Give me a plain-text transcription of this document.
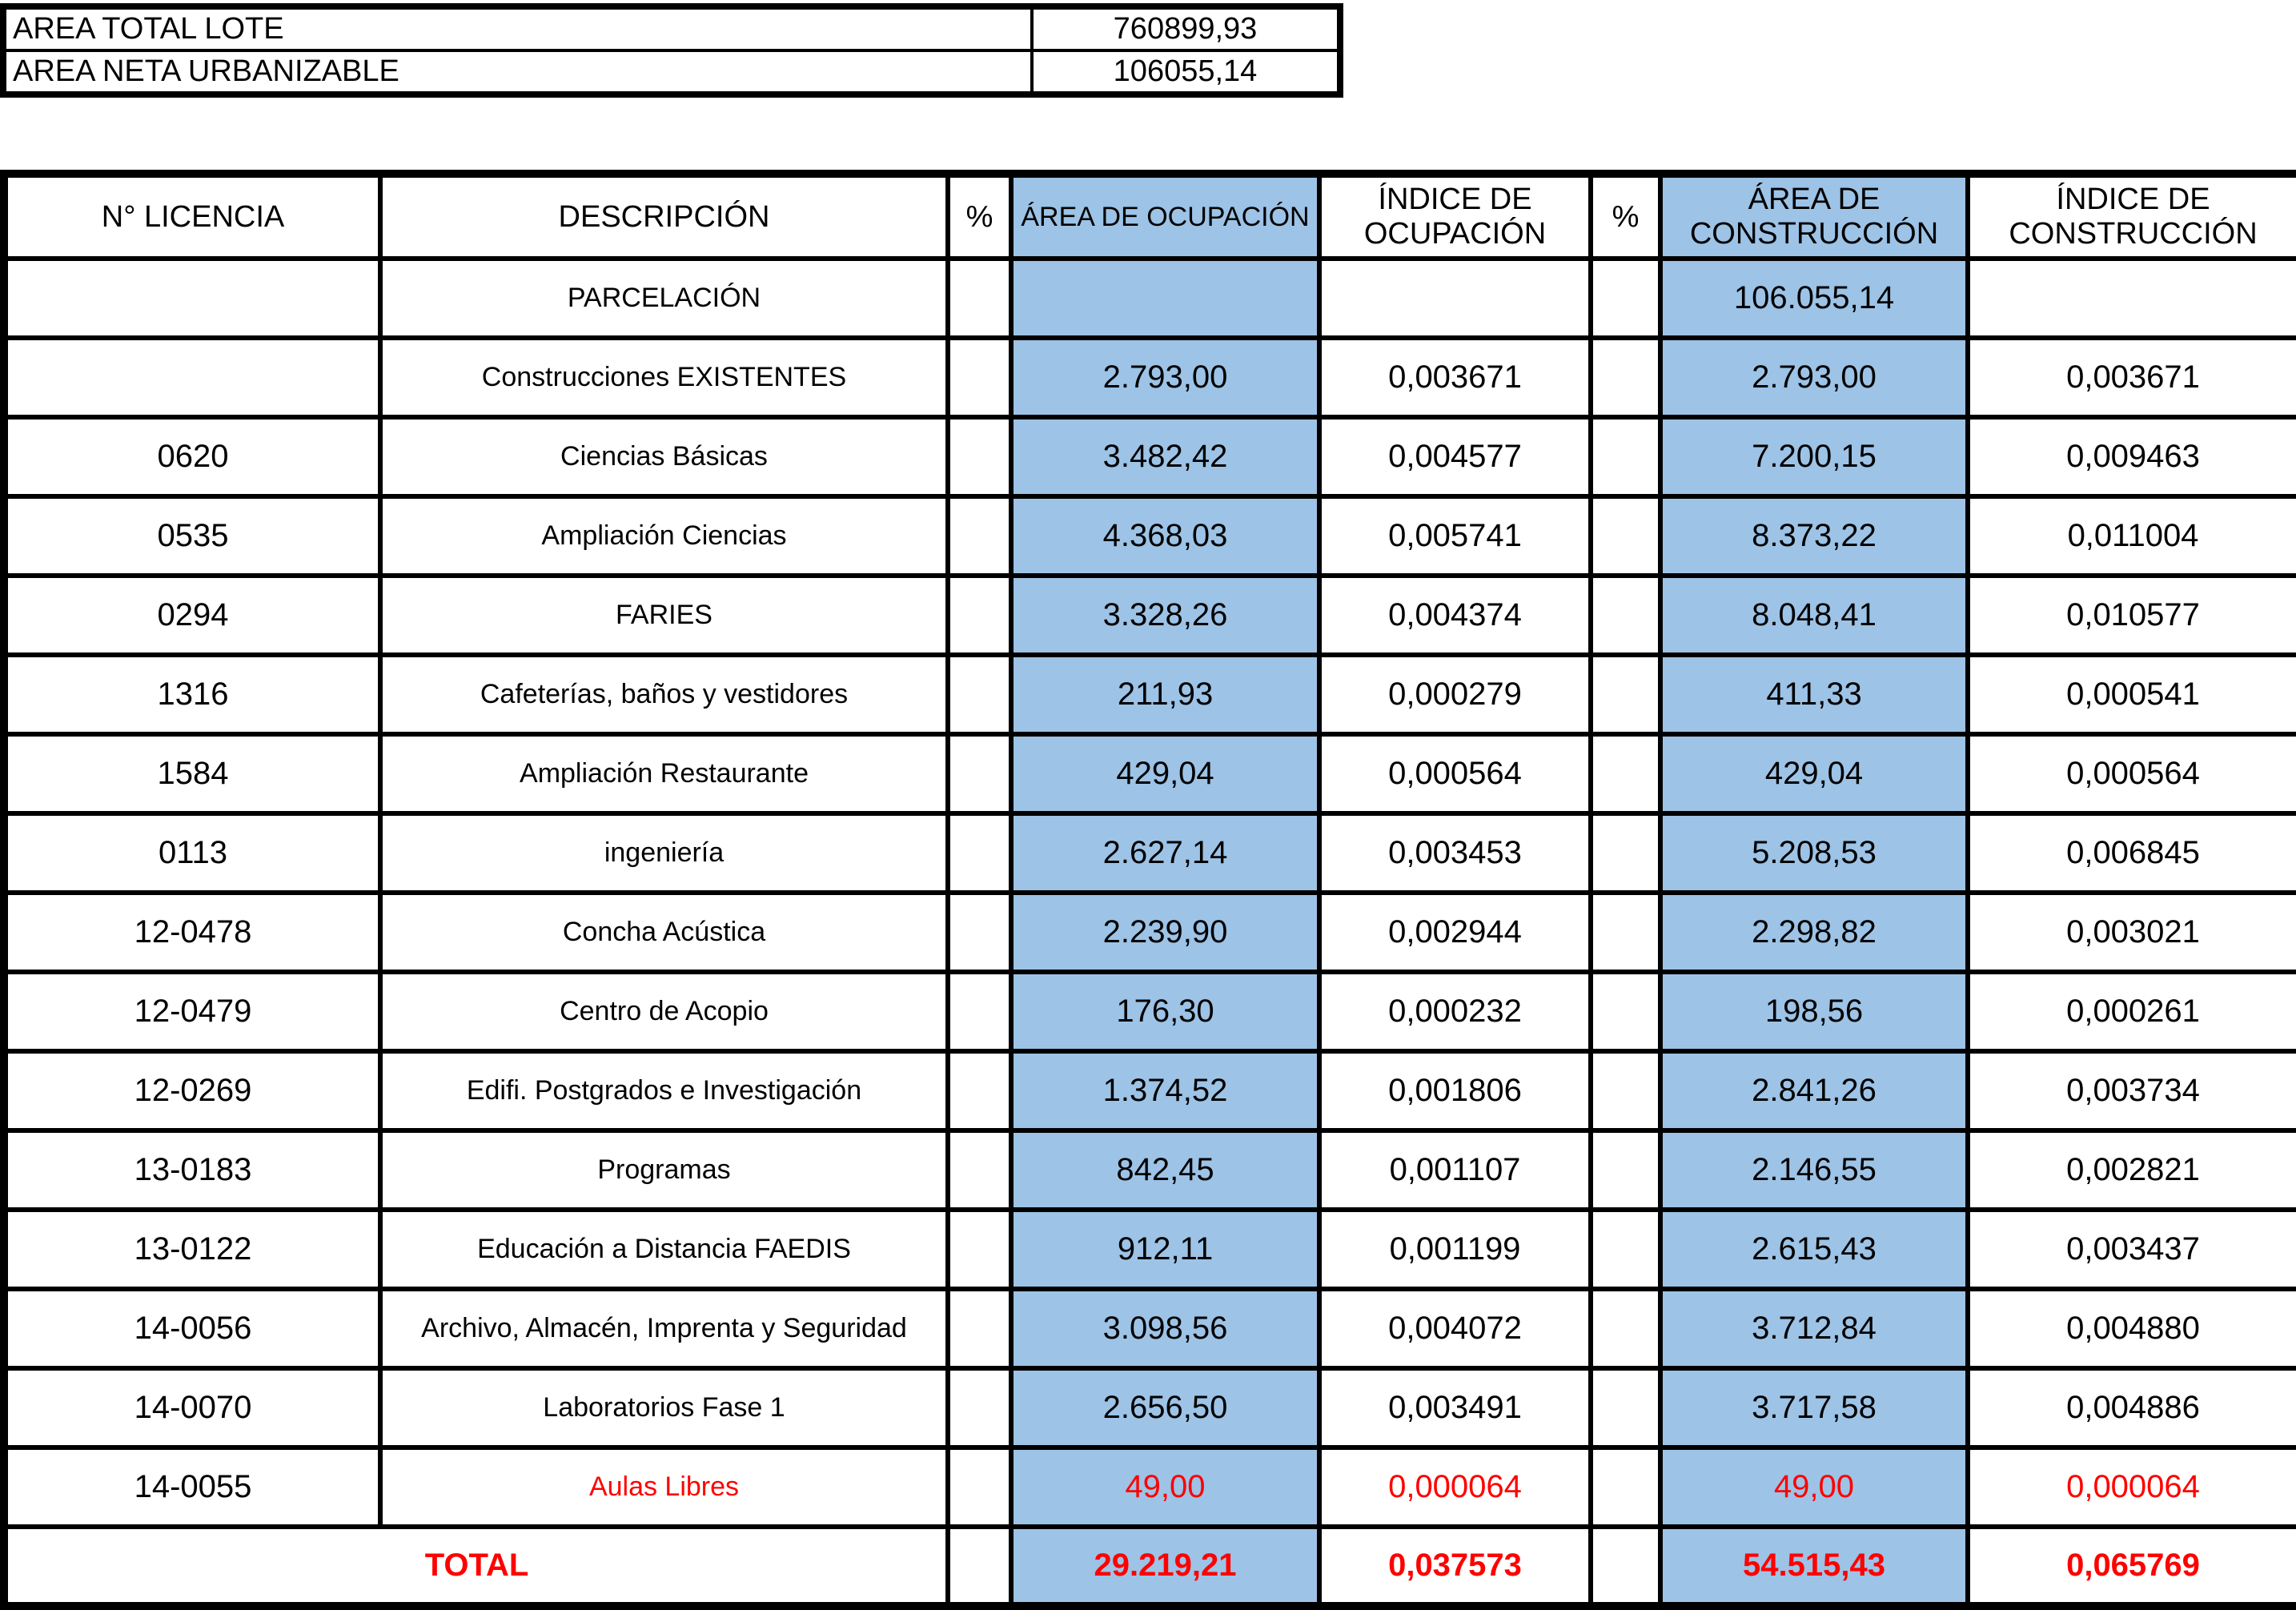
AREA TOTAL LOTE	760899,93
AREA NETA URBANIZABLE	106055,14
N° LICENCIA	DESCRIPCIÓN	%	ÁREA DE OCUPACIÓN	ÍNDICE DE OCUPACIÓN	%	ÁREA DE CONSTRUCCIÓN	ÍNDICE DE CONSTRUCCIÓN
	PARCELACIÓN					106.055,14	
	Construcciones EXISTENTES		2.793,00	0,003671		2.793,00	0,003671
0620	Ciencias Básicas		3.482,42	0,004577		7.200,15	0,009463
0535	Ampliación Ciencias		4.368,03	0,005741		8.373,22	0,011004
0294	FARIES		3.328,26	0,004374		8.048,41	0,010577
1316	Cafeterías, baños y vestidores		211,93	0,000279		411,33	0,000541
1584	Ampliación Restaurante		429,04	0,000564		429,04	0,000564
0113	ingeniería		2.627,14	0,003453		5.208,53	0,006845
12-0478	Concha Acústica		2.239,90	0,002944		2.298,82	0,003021
12-0479	Centro de Acopio		176,30	0,000232		198,56	0,000261
12-0269	Edifi. Postgrados e Investigación		1.374,52	0,001806		2.841,26	0,003734
13-0183	Programas		842,45	0,001107		2.146,55	0,002821
13-0122	Educación a Distancia FAEDIS		912,11	0,001199		2.615,43	0,003437
14-0056	Archivo, Almacén, Imprenta y Seguridad		3.098,56	0,004072		3.712,84	0,004880
14-0070	Laboratorios Fase 1		2.656,50	0,003491		3.717,58	0,004886
14-0055	Aulas Libres		49,00	0,000064		49,00	0,000064
TOTAL			29.219,21	0,037573		54.515,43	0,065769
